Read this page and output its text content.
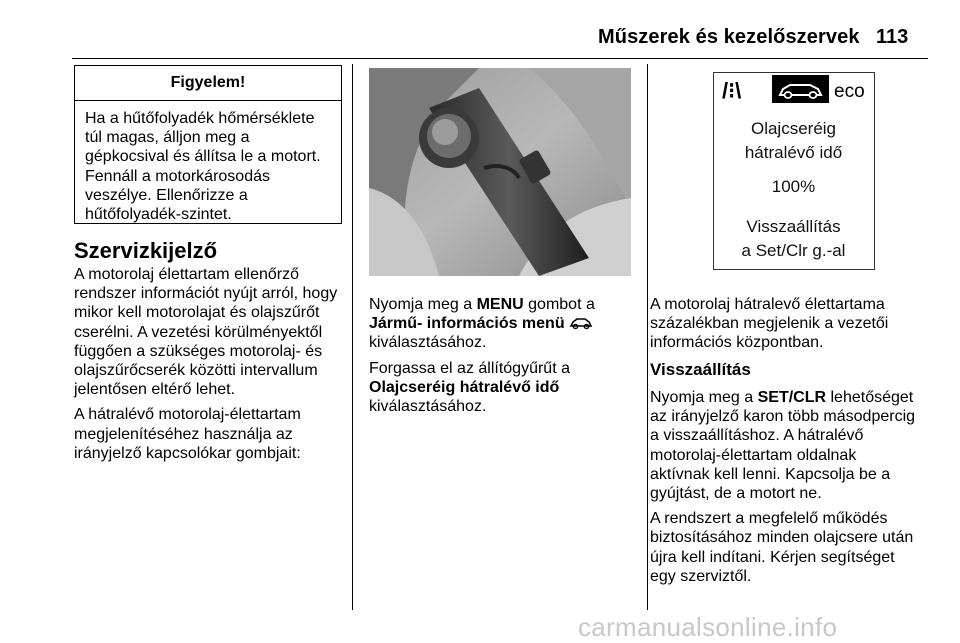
Műszerek és kezelőszervek 113
Figyelem!
Ha a hűtőfolyadék hőmérséklete
túl magas, álljon meg a
gépkocsival és állítsa le a motort.
Fennáll a motorkárosodás
veszélye. Ellenőrizze a
hűtőfolyadék-szintet.
Szervizkijelző

A motorolaj élettartam ellenőrző
rendszer információt nyújt arról, hogy
mikor kell motorolajat és olajszűrőt
cserélni. A vezetési körülményektől
függően a szükséges motorolaj- és
olajszűrőcserék közötti intervallum
jelentősen eltérő lehet.

A hátralévő motorolaj-élettartam
megjelenítéséhez használja az
irányjelző kapcsolókar gombjait:

Nyomja meg a MENU gombot a
Jármű- információs menü
kiválasztásához.

Forgassa el az állítógyűrűt a
Olajcseréig hátralévő idő
kiválasztásához.

/⁝\	eco
Olajcseréig
hátralévő idő
100%
Visszaállítás
a Set/Clr g.-al

A motorolaj hátralevő élettartama
százalékban megjelenik a vezetői
információs központban.

Visszaállítás

Nyomja meg a SET/CLR lehetőséget
az irányjelző karon több másodpercig
a visszaállításhoz. A hátralévő
motorolaj-élettartam oldalnak
aktívnak kell lenni. Kapcsolja be a
gyújtást, de a motort ne.

A rendszert a megfelelő működés
biztosításához minden olajcsere után
újra kell indítani. Kérjen segítséget
egy szerviztől.

carmanualsonline.info
